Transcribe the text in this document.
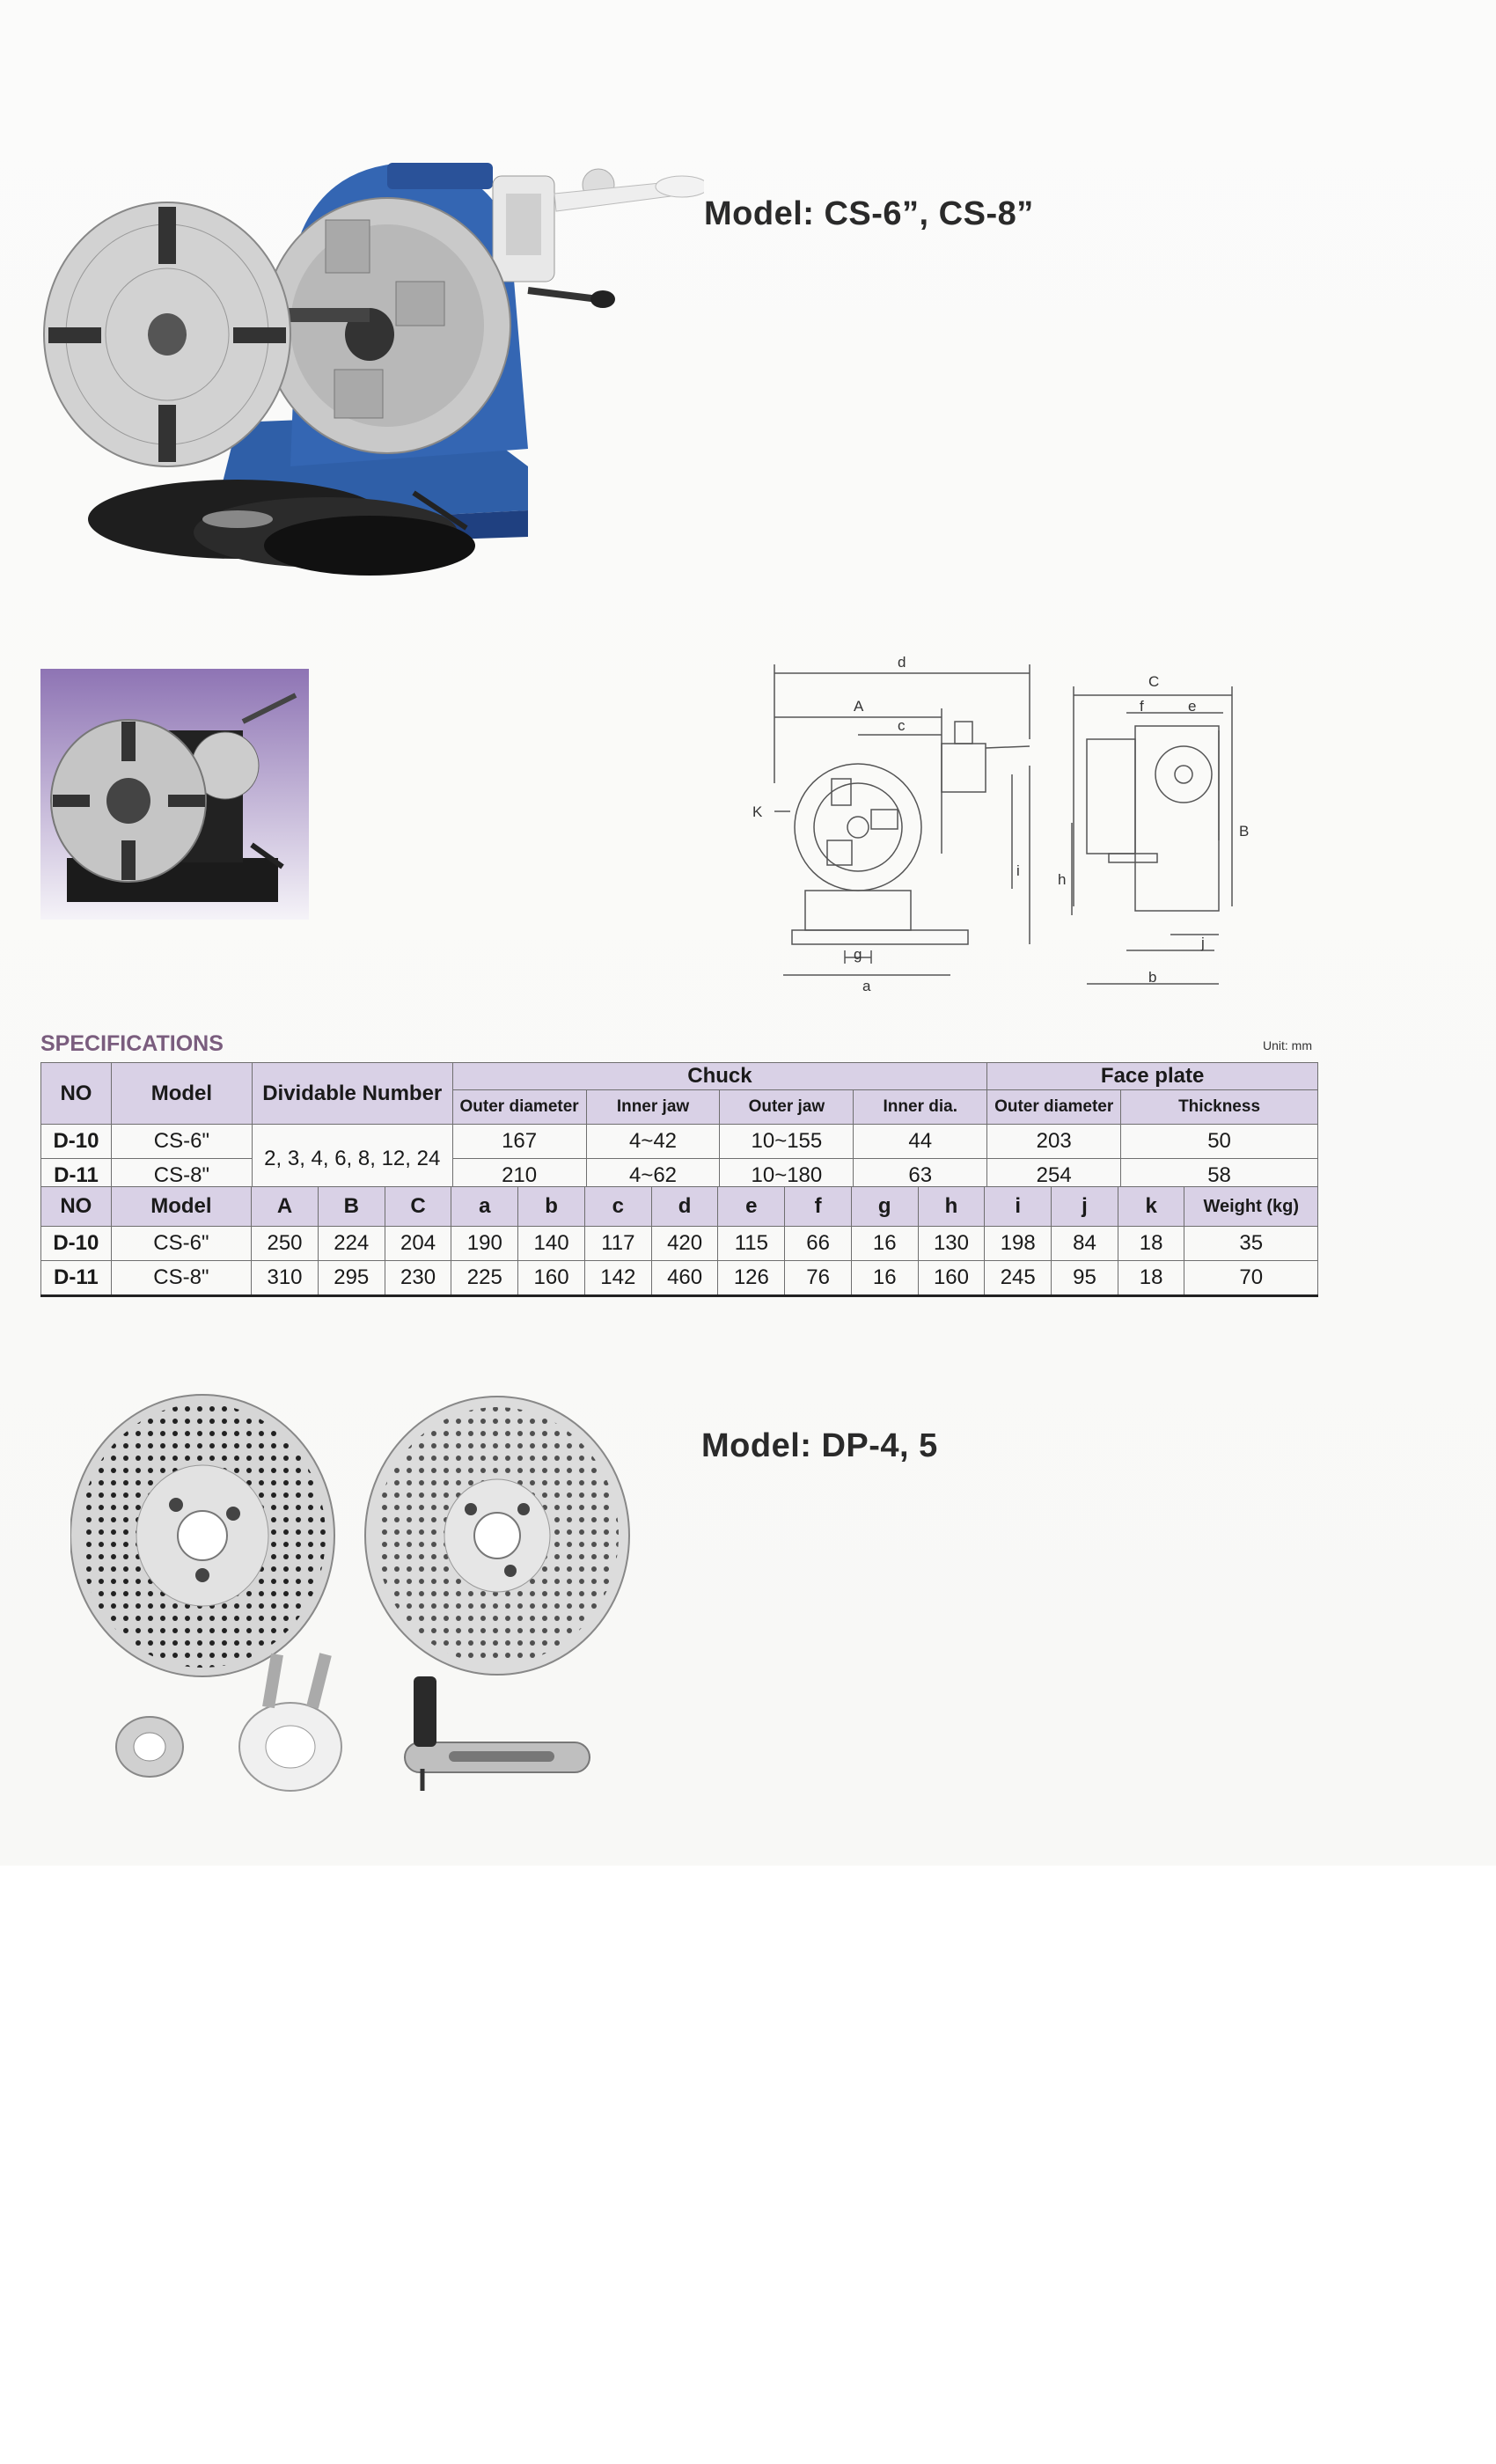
Model: CS-6”, CS-8”
d
A
c
K
i
g
a
C
f	e
B
h
j
b
SPECIFICATIONS	Unit: mm
NO	Model	Dividable Number	Chuck				Face plate	
			Outer diameter	Inner jaw	Outer jaw	Inner dia.	Outer diameter	Thickness
D-10	CS-6"	2, 3, 4, 6, 8, 12, 24	167	4~42	10~155	44	203	50
D-11	CS-8"		210	4~62	10~180	63	254	58
NO	Model	A	B	C	a	b	c	d	e	f	g	h	i	j	k	Weight (kg)
D-10	CS-6"	250	224	204	190	140	117	420	115	66	16	130	198	84	18	35
D-11	CS-8"	310	295	230	225	160	142	460	126	76	16	160	245	95	18	70
Model: DP-4, 5
